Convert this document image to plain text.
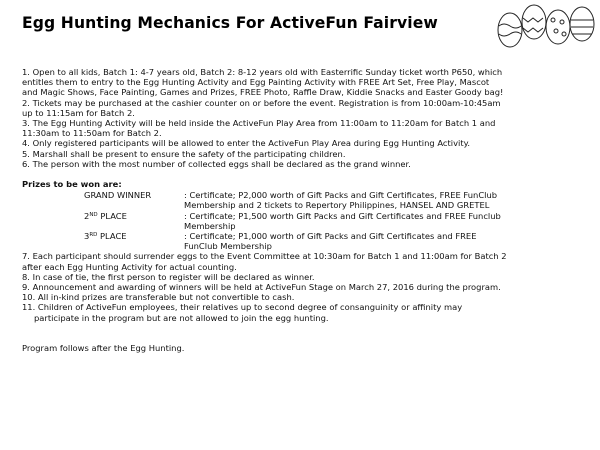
Egg Hunting Mechanics For ActiveFun Fairview
1. Open to all kids, Batch 1: 4-7 years old, Batch 2: 8-12 years old with Easterrific Sunday ticket worth P650, which
entitles them to entry to the Egg Hunting Activity and Egg Painting Activity with FREE Art Set, Free Play, Mascot
and Magic Shows, Face Painting, Games and Prizes, FREE Photo, Raffle Draw, Kiddie Snacks and Easter Goody bag!
2. Tickets may be purchased at the cashier counter on or before the event. Registration is from 10:00am-10:45am
up to 11:15am for Batch 2.
3. The Egg Hunting Activity will be held inside the ActiveFun Play Area from 11:00am to 11:20am for Batch 1 and
11:30am to 11:50am for Batch 2.
4. Only registered participants will be allowed to enter the ActiveFun Play Area during Egg Hunting Activity.
5. Marshall shall be present to ensure the safety of the participating children.
6. The person with the most number of collected eggs shall be declared as the grand winner.
Prizes to be won are:
GRAND WINNER	: Certificate; P2,000 worth of Gift Packs and Gift Certificates, FREE FunClub
Membership and 2 tickets to Repertory Philippines, HANSEL AND GRETEL
2ND PLACE	: Certificate; P1,500 worth Gift Packs and Gift Certificates and FREE Funclub
Membership
3RD PLACE	: Certificate; P1,000 worth of Gift Packs and Gift Certificates and FREE
FunClub Membership
7. Each participant should surrender eggs to the Event Committee at 10:30am for Batch 1 and 11:00am for Batch 2
after each Egg Hunting Activity for actual counting.
8. In case of tie, the first person to register will be declared as winner.
9. Announcement and awarding of winners will be held at ActiveFun Stage on March 27, 2016 during the program.
10. All in-kind prizes are transferable but not convertible to cash.
11. Children of ActiveFun employees, their relatives up to second degree of consanguinity or affinity may
participate in the program but are not allowed to join the egg hunting.
Program follows after the Egg Hunting.
